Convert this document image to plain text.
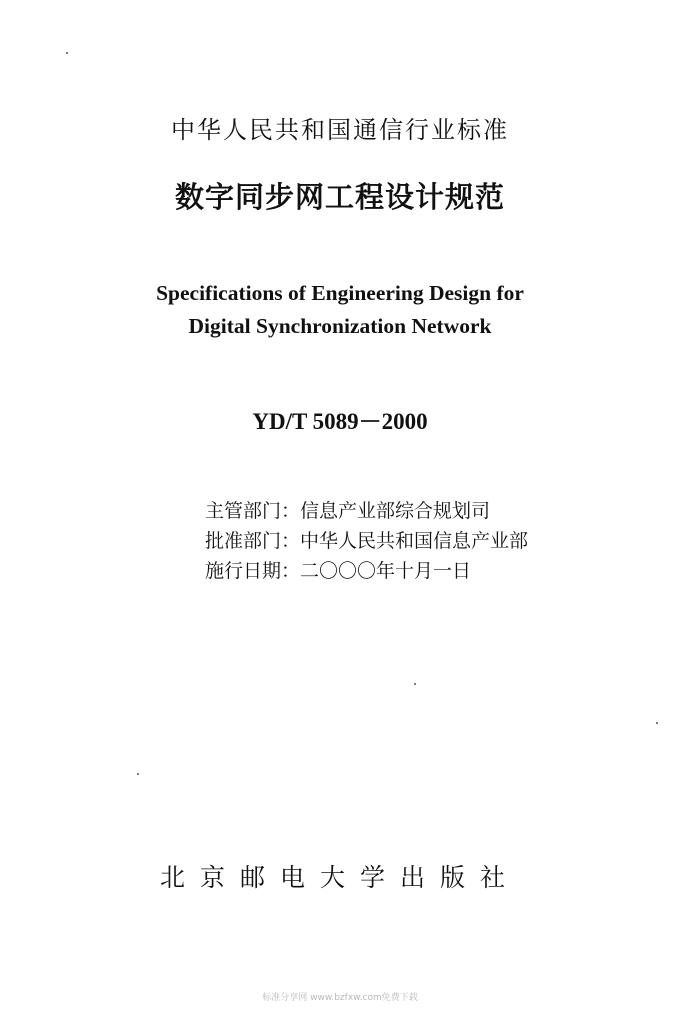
中华人民共和国通信行业标准
数字同步网工程设计规范
Specifications of Engineering Design for
Digital Synchronization Network
YD/T 5089－2000
主管部门：信息产业部综合规划司
批准部门：中华人民共和国信息产业部
施行日期：二〇〇〇年十月一日
北京邮电大学出版社
标准分享网 www.bzfxw.com免费下载
